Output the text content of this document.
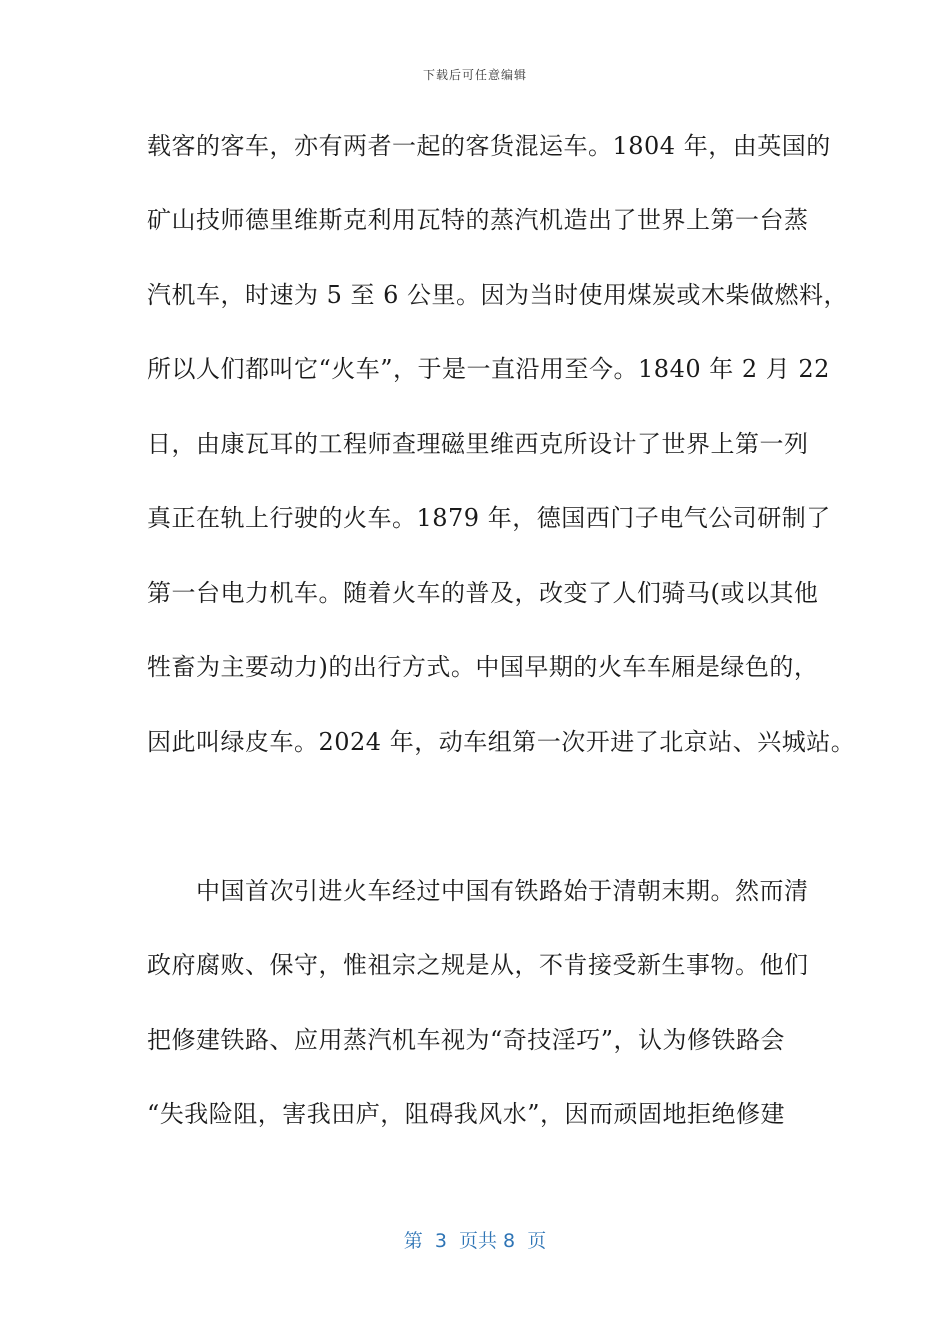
下载后可任意编辑
载客的客车，亦有两者一起的客货混运车。1804 年，由英国的
矿山技师德里维斯克利用瓦特的蒸汽机造出了世界上第一台蒸
汽机车，时速为 5 至 6 公里。因为当时使用煤炭或木柴做燃料，
所以人们都叫它“火车”，于是一直沿用至今。1840 年 2 月 22
日，由康瓦耳的工程师查理磁里维西克所设计了世界上第一列
真正在轨上行驶的火车。1879 年，德国西门子电气公司研制了
第一台电力机车。随着火车的普及，改变了人们骑马(或以其他
牲畜为主要动力)的出行方式。中国早期的火车车厢是绿色的，
因此叫绿皮车。2024 年，动车组第一次开进了北京站、兴城站。
　　中国首次引进火车经过中国有铁路始于清朝末期。然而清
政府腐败、保守，惟祖宗之规是从，不肯接受新生事物。他们
把修建铁路、应用蒸汽机车视为“奇技淫巧”，认为修铁路会
“失我险阻，害我田庐，阻碍我风水”，因而顽固地拒绝修建
第  3  页共 8  页
